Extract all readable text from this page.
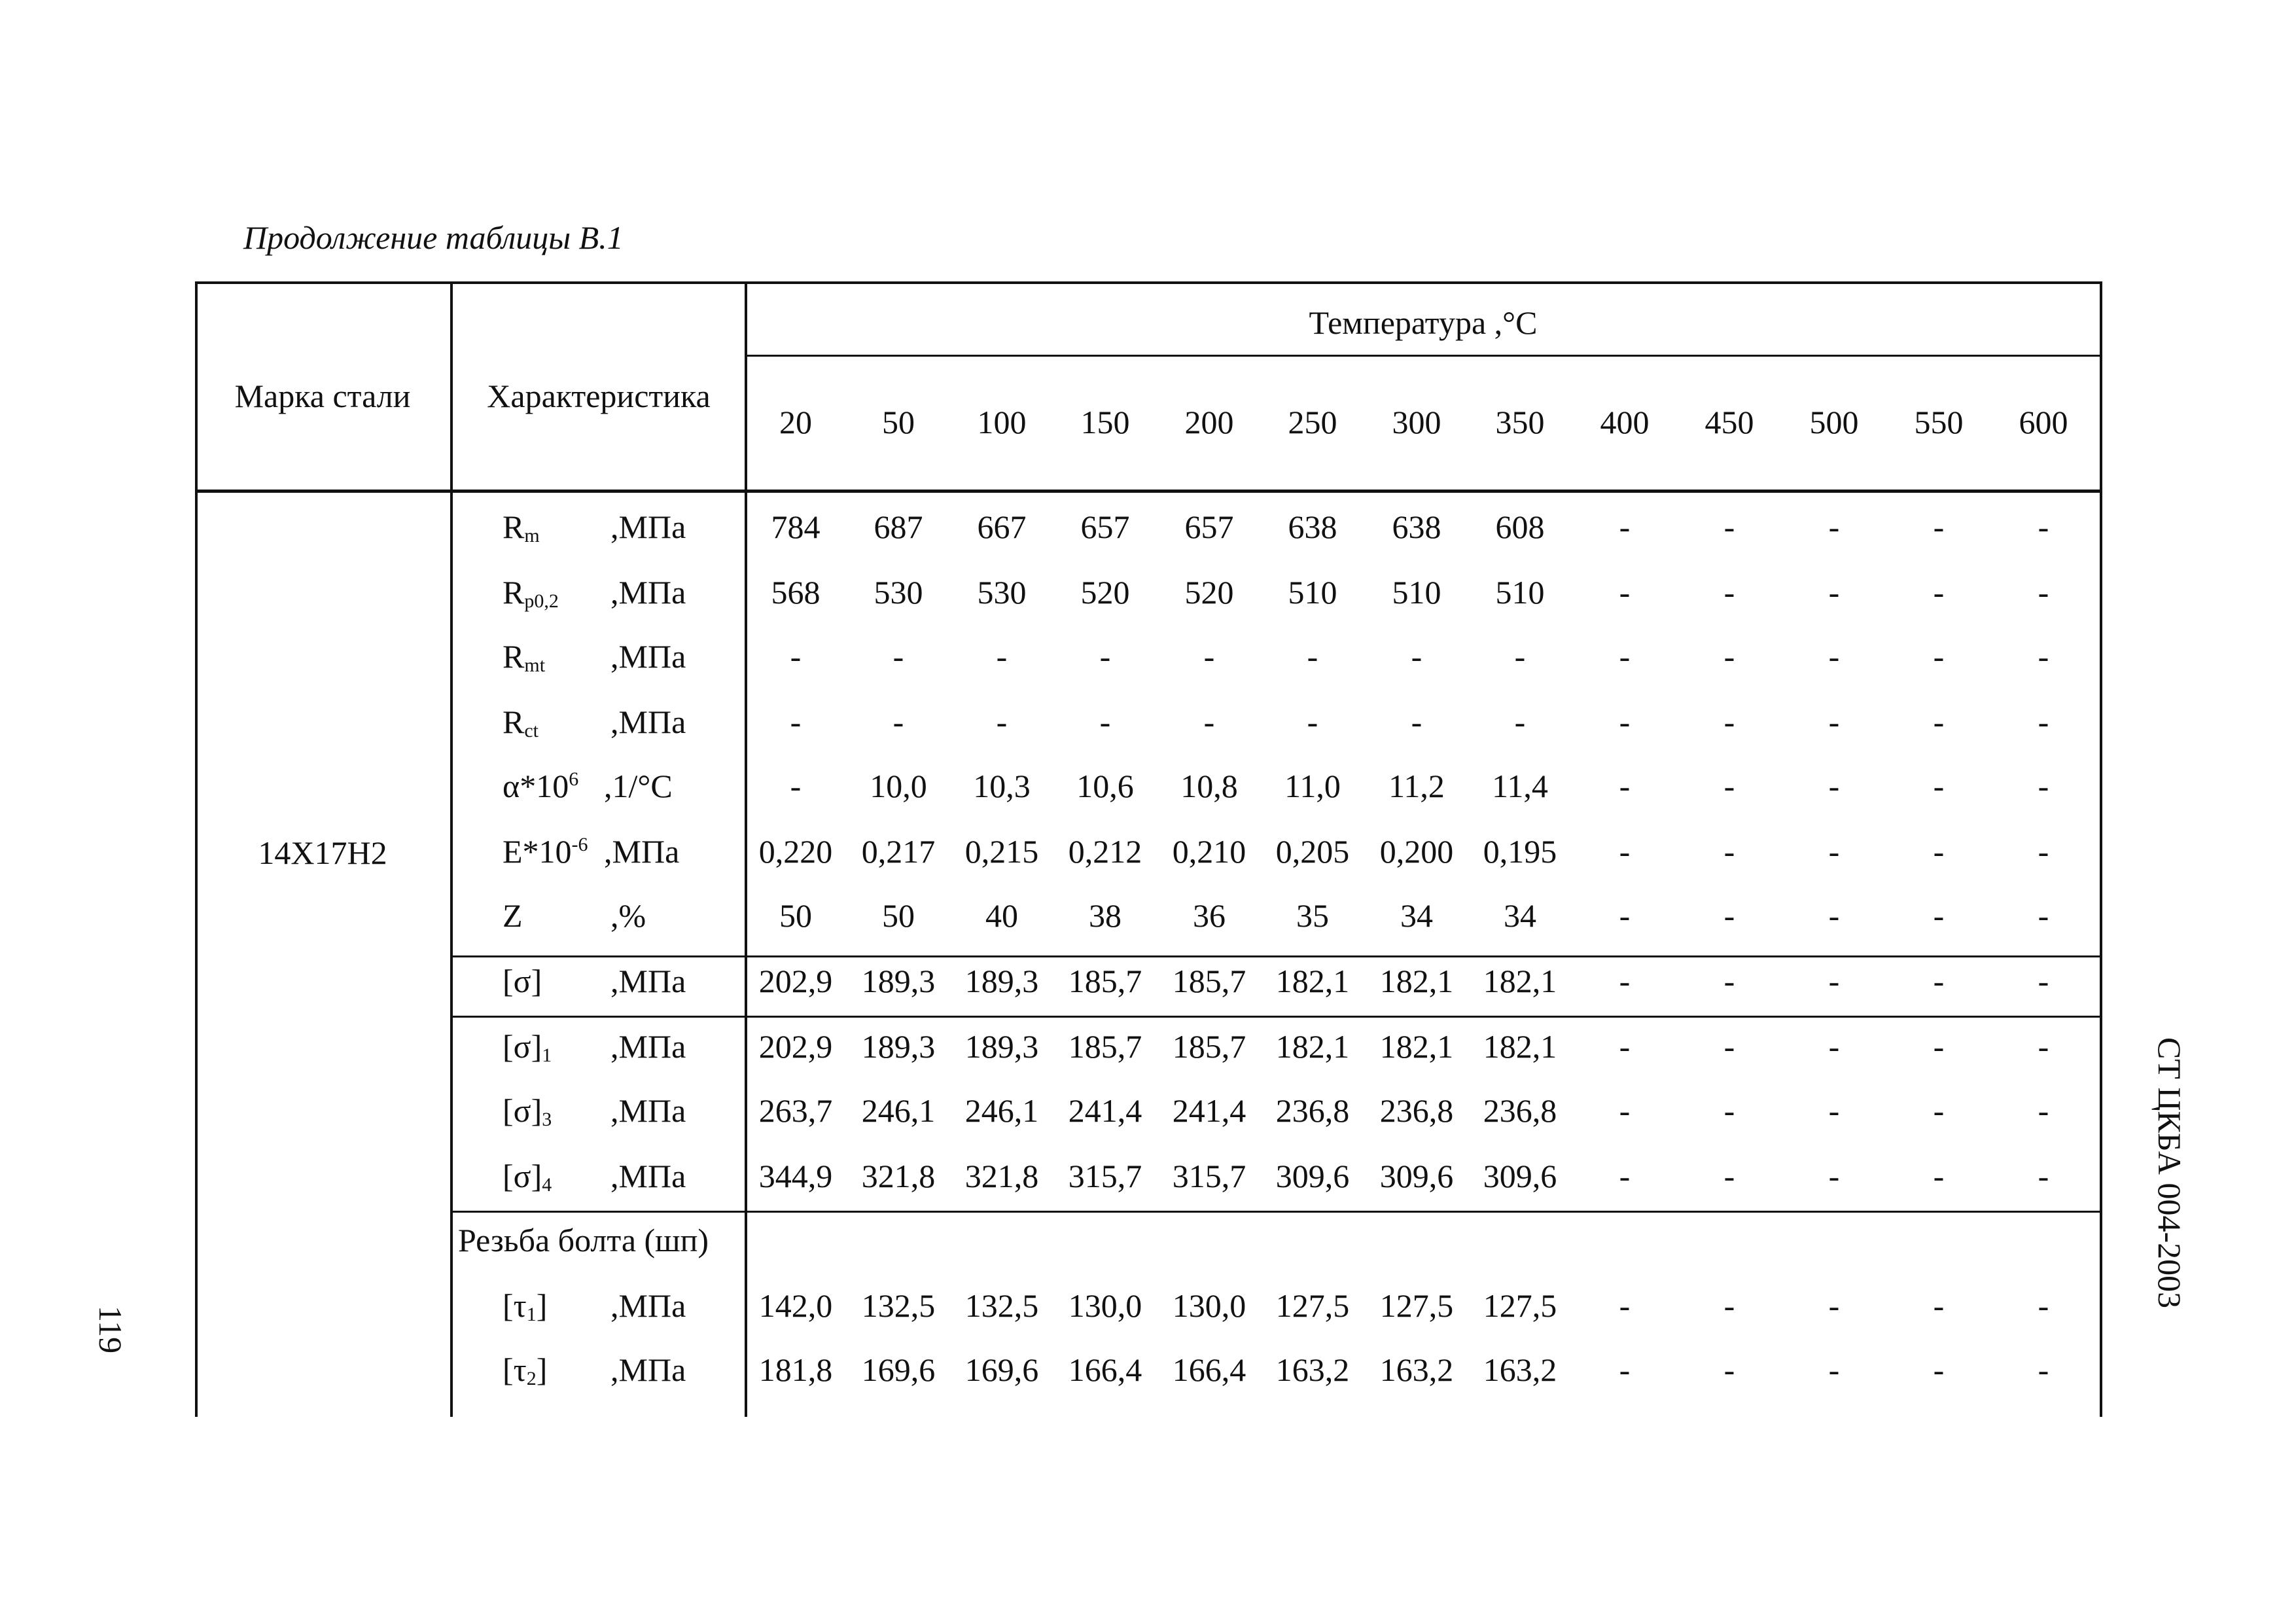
Продолжение таблицы В.1
Марка стали Характеристика
Температура ,°С
20 50 100 150 200 250 300 350 400 450 500 550 600
14Х17Н2
$R_m$ ,МПа	784 687 667 657 657 638 638 608 -	-	-	-	-
$R_{p0,2}$ ,МПа	568 530 530 520 520 510 510 510 -	-	-	-	-
$R_{mt}$ ,МПа	-	-	-	-	-	-	-	-	-	-	-	-	-
$R_{ct}$ ,МПа	-	-	-	-	-	-	-	-	-	-	-	-	-
$\alpha*10^6$ ,1/°С	- 10,0 10,3 10,6 10,8 11,0 11,2 11,4 -	-	-	-	-
$E*10^{-6}$ ,МПа 0,220 0,217 0,215 0,212 0,210 0,205 0,200 0,195 -	-	-	-	-
Z	,%	50 50 40 38 36 35 34 34	-	-	-	-	-
[σ] ,МПа 202,9 189,3 189,3 185,7 185,7 182,1 182,1 182,1 -	-	-	-	-
$[\sigma]_1$ ,МПа 202,9 189,3 189,3 185,7 185,7 182,1 182,1 182,1 -	-	-	-	-
$[\sigma]_3$ ,МПа 263,7 246,1 246,1 241,4 241,4 236,8 236,8 236,8 -	-	-	-	-
$[\sigma]_4$ ,МПа 344,9 321,8 321,8 315,7 315,7 309,6 309,6 309,6 -	-	-	-	-
Резьба болта (шп)
$[\tau_1]$ ,МПа 142,0 132,5 132,5 130,0 130,0 127,5 127,5 127,5 -	-	-	-	-
$[\tau_2]$ ,МПа 181,8 169,6 169,6 166,4 166,4 163,2 163,2 163,2 -	-	-	-	-
119
СТ ЦКБА 004-2003
